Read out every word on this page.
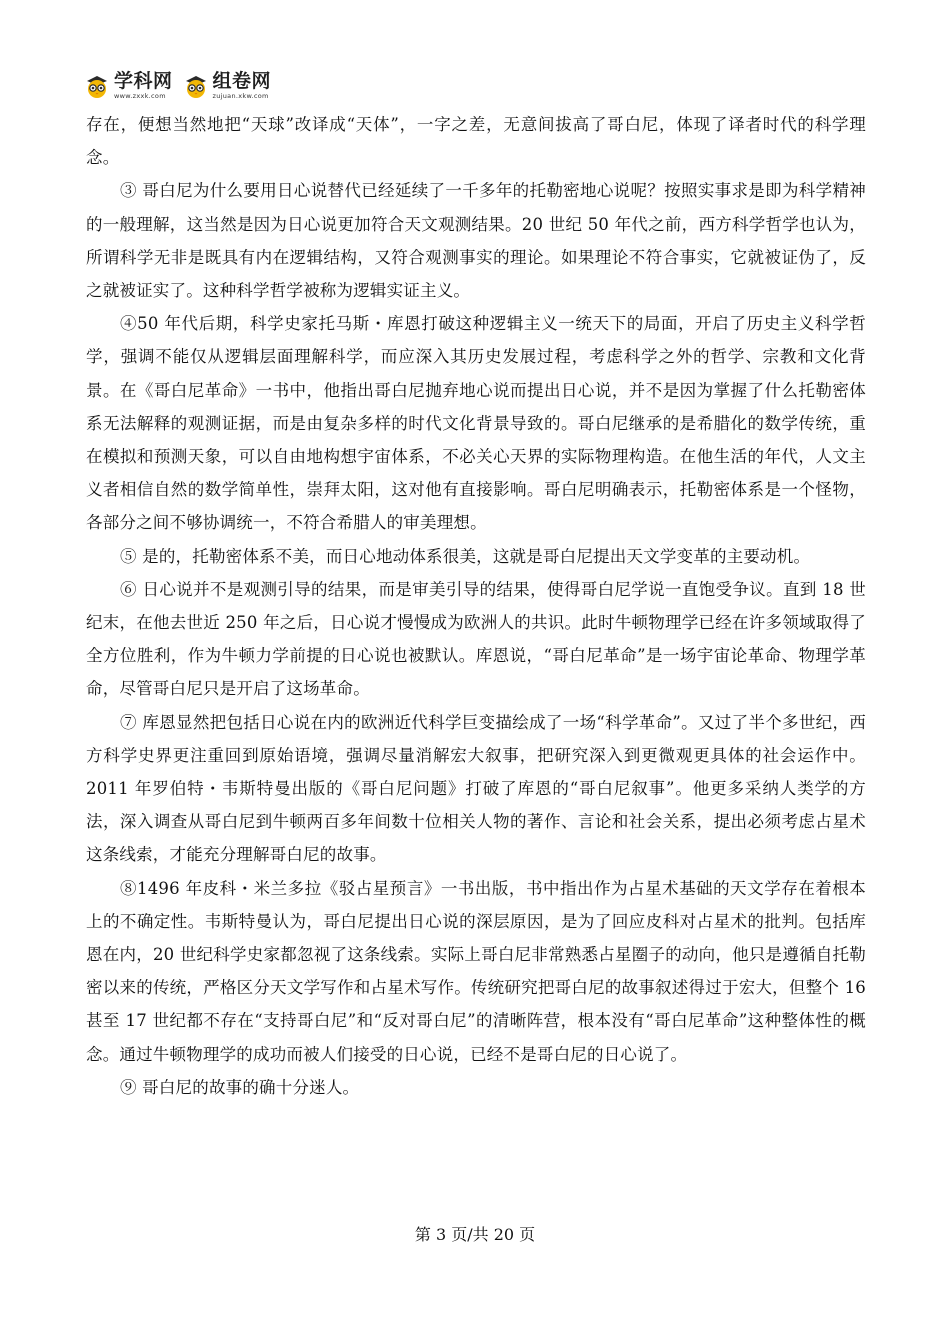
学科网
www.zxxk.com
组卷网
zujuan.xkw.com

存在，便想当然地把“天球”改译成“天体”，一字之差，无意间拔高了哥白尼，体现了译者时代的科学理念。

③ 哥白尼为什么要用日心说替代已经延续了一千多年的托勒密地心说呢？按照实事求是即为科学精神的一般理解，这当然是因为日心说更加符合天文观测结果。20 世纪 50 年代之前，西方科学哲学也认为，所谓科学无非是既具有内在逻辑结构，又符合观测事实的理论。如果理论不符合事实，它就被证伪了，反之就被证实了。这种科学哲学被称为逻辑实证主义。

④50 年代后期，科学史家托马斯・库恩打破这种逻辑主义一统天下的局面，开启了历史主义科学哲学，强调不能仅从逻辑层面理解科学，而应深入其历史发展过程，考虑科学之外的哲学、宗教和文化背景。在《哥白尼革命》一书中，他指出哥白尼抛弃地心说而提出日心说，并不是因为掌握了什么托勒密体系无法解释的观测证据，而是由复杂多样的时代文化背景导致的。哥白尼继承的是希腊化的数学传统，重在模拟和预测天象，可以自由地构想宇宙体系，不必关心天界的实际物理构造。在他生活的年代，人文主义者相信自然的数学简单性，崇拜太阳，这对他有直接影响。哥白尼明确表示，托勒密体系是一个怪物，各部分之间不够协调统一，不符合希腊人的审美理想。

⑤ 是的，托勒密体系不美，而日心地动体系很美，这就是哥白尼提出天文学变革的主要动机。

⑥ 日心说并不是观测引导的结果，而是审美引导的结果，使得哥白尼学说一直饱受争议。直到 18 世纪末，在他去世近 250 年之后，日心说才慢慢成为欧洲人的共识。此时牛顿物理学已经在许多领域取得了全方位胜利，作为牛顿力学前提的日心说也被默认。库恩说，“哥白尼革命”是一场宇宙论革命、物理学革命，尽管哥白尼只是开启了这场革命。

⑦ 库恩显然把包括日心说在内的欧洲近代科学巨变描绘成了一场“科学革命”。又过了半个多世纪，西方科学史界更注重回到原始语境，强调尽量消解宏大叙事，把研究深入到更微观更具体的社会运作中。2011 年罗伯特・韦斯特曼出版的《哥白尼问题》打破了库恩的“哥白尼叙事”。他更多采纳人类学的方法，深入调查从哥白尼到牛顿两百多年间数十位相关人物的著作、言论和社会关系，提出必须考虑占星术这条线索，才能充分理解哥白尼的故事。

⑧1496 年皮科・米兰多拉《驳占星预言》一书出版，书中指出作为占星术基础的天文学存在着根本上的不确定性。韦斯特曼认为，哥白尼提出日心说的深层原因，是为了回应皮科对占星术的批判。包括库恩在内，20 世纪科学史家都忽视了这条线索。实际上哥白尼非常熟悉占星圈子的动向，他只是遵循自托勒密以来的传统，严格区分天文学写作和占星术写作。传统研究把哥白尼的故事叙述得过于宏大，但整个 16 甚至 17 世纪都不存在“支持哥白尼”和“反对哥白尼”的清晰阵营，根本没有“哥白尼革命”这种整体性的概念。通过牛顿物理学的成功而被人们接受的日心说，已经不是哥白尼的日心说了。

⑨ 哥白尼的故事的确十分迷人。

第 3 页/共 20 页
